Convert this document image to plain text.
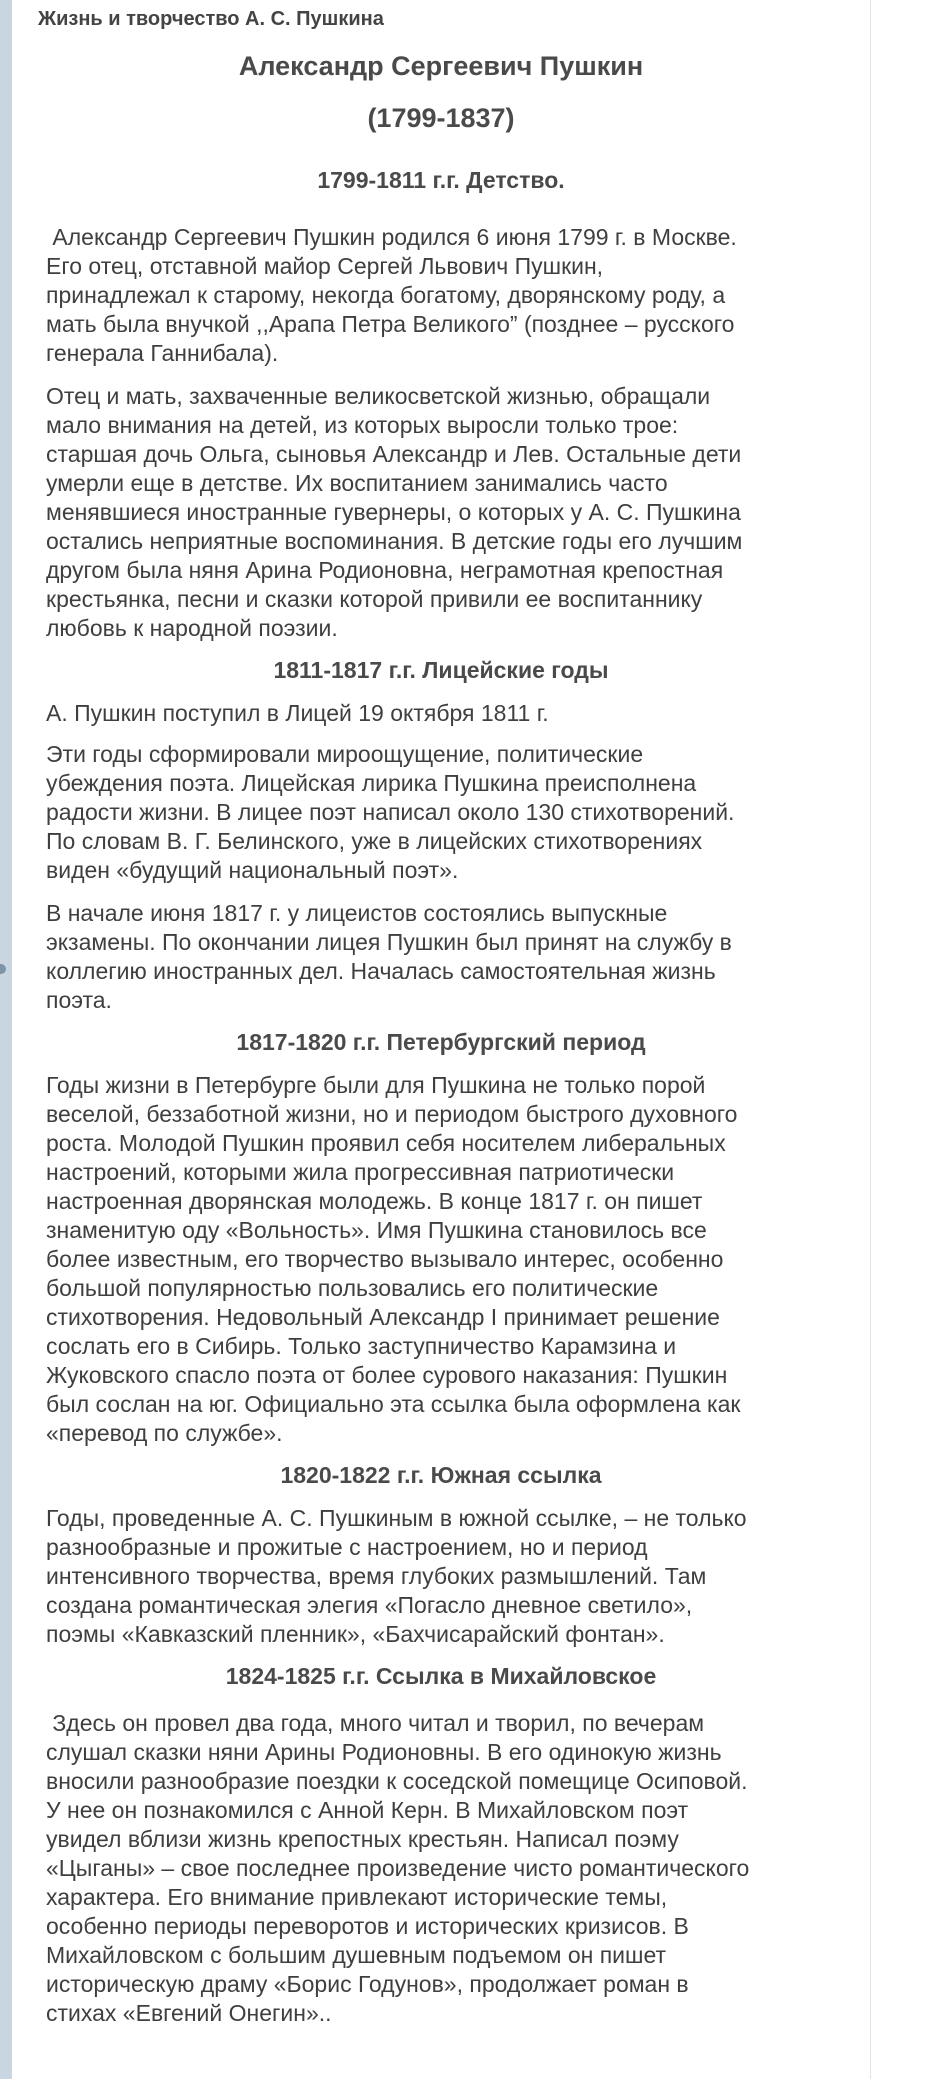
Жизнь и творчество А. С. Пушкина
Александр Сергеевич Пушкин
(1799-1837)
1799-1811 г.г. Детство.
Александр Сергеевич Пушкин родился 6 июня 1799 г. в Москве.
Его отец, отставной майор Сергей Львович Пушкин,
принадлежал к старому, некогда богатому, дворянскому роду, а
мать была внучкой ,,Арапа Петра Великого” (позднее – русского
генерала Ганнибала).
Отец и мать, захваченные великосветской жизнью, обращали
мало внимания на детей, из которых выросли только трое:
старшая дочь Ольга, сыновья Александр и Лев. Остальные дети
умерли еще в детстве. Их воспитанием занимались часто
менявшиеся иностранные гувернеры, о которых у А. С. Пушкина
остались неприятные воспоминания. В детские годы его лучшим
другом была няня Арина Родионовна, неграмотная крепостная
крестьянка, песни и сказки которой привили ее воспитаннику
любовь к народной поэзии.
1811-1817 г.г. Лицейские годы
А. Пушкин поступил в Лицей 19 октября 1811 г.
Эти годы сформировали мироощущение, политические
убеждения поэта. Лицейская лирика Пушкина преисполнена
радости жизни. В лицее поэт написал около 130 стихотворений.
По словам В. Г. Белинского, уже в лицейских стихотворениях
виден «будущий национальный поэт».
В начале июня 1817 г. у лицеистов состоялись выпускные
экзамены. По окончании лицея Пушкин был принят на службу в
коллегию иностранных дел. Началась самостоятельная жизнь
поэта.
1817-1820 г.г. Петербургский период
Годы жизни в Петербурге были для Пушкина не только порой
веселой, беззаботной жизни, но и периодом быстрого духовного
роста. Молодой Пушкин проявил себя носителем либеральных
настроений, которыми жила прогрессивная патриотически
настроенная дворянская молодежь. В конце 1817 г. он пишет
знаменитую оду «Вольность». Имя Пушкина становилось все
более известным, его творчество вызывало интерес, особенно
большой популярностью пользовались его политические
стихотворения. Недовольный Александр I принимает решение
сослать его в Сибирь. Только заступничество Карамзина и
Жуковского спасло поэта от более сурового наказания: Пушкин
был сослан на юг. Официально эта ссылка была оформлена как
«перевод по службе».
1820-1822 г.г. Южная ссылка
Годы, проведенные А. С. Пушкиным в южной ссылке, – не только
разнообразные и прожитые с настроением, но и период
интенсивного творчества, время глубоких размышлений. Там
создана романтическая элегия «Погасло дневное светило»,
поэмы «Кавказский пленник», «Бахчисарайский фонтан».
1824-1825 г.г. Ссылка в Михайловское
Здесь он провел два года, много читал и творил, по вечерам
слушал сказки няни Арины Родионовны. В его одинокую жизнь
вносили разнообразие поездки к соседской помещице Осиповой.
У нее он познакомился с Анной Керн. В Михайловском поэт
увидел вблизи жизнь крепостных крестьян. Написал поэму
«Цыганы» – свое последнее произведение чисто романтического
характера. Его внимание привлекают исторические темы,
особенно периоды переворотов и исторических кризисов. В
Михайловском с большим душевным подъемом он пишет
историческую драму «Борис Годунов», продолжает роман в
стихах «Евгений Онегин»..
